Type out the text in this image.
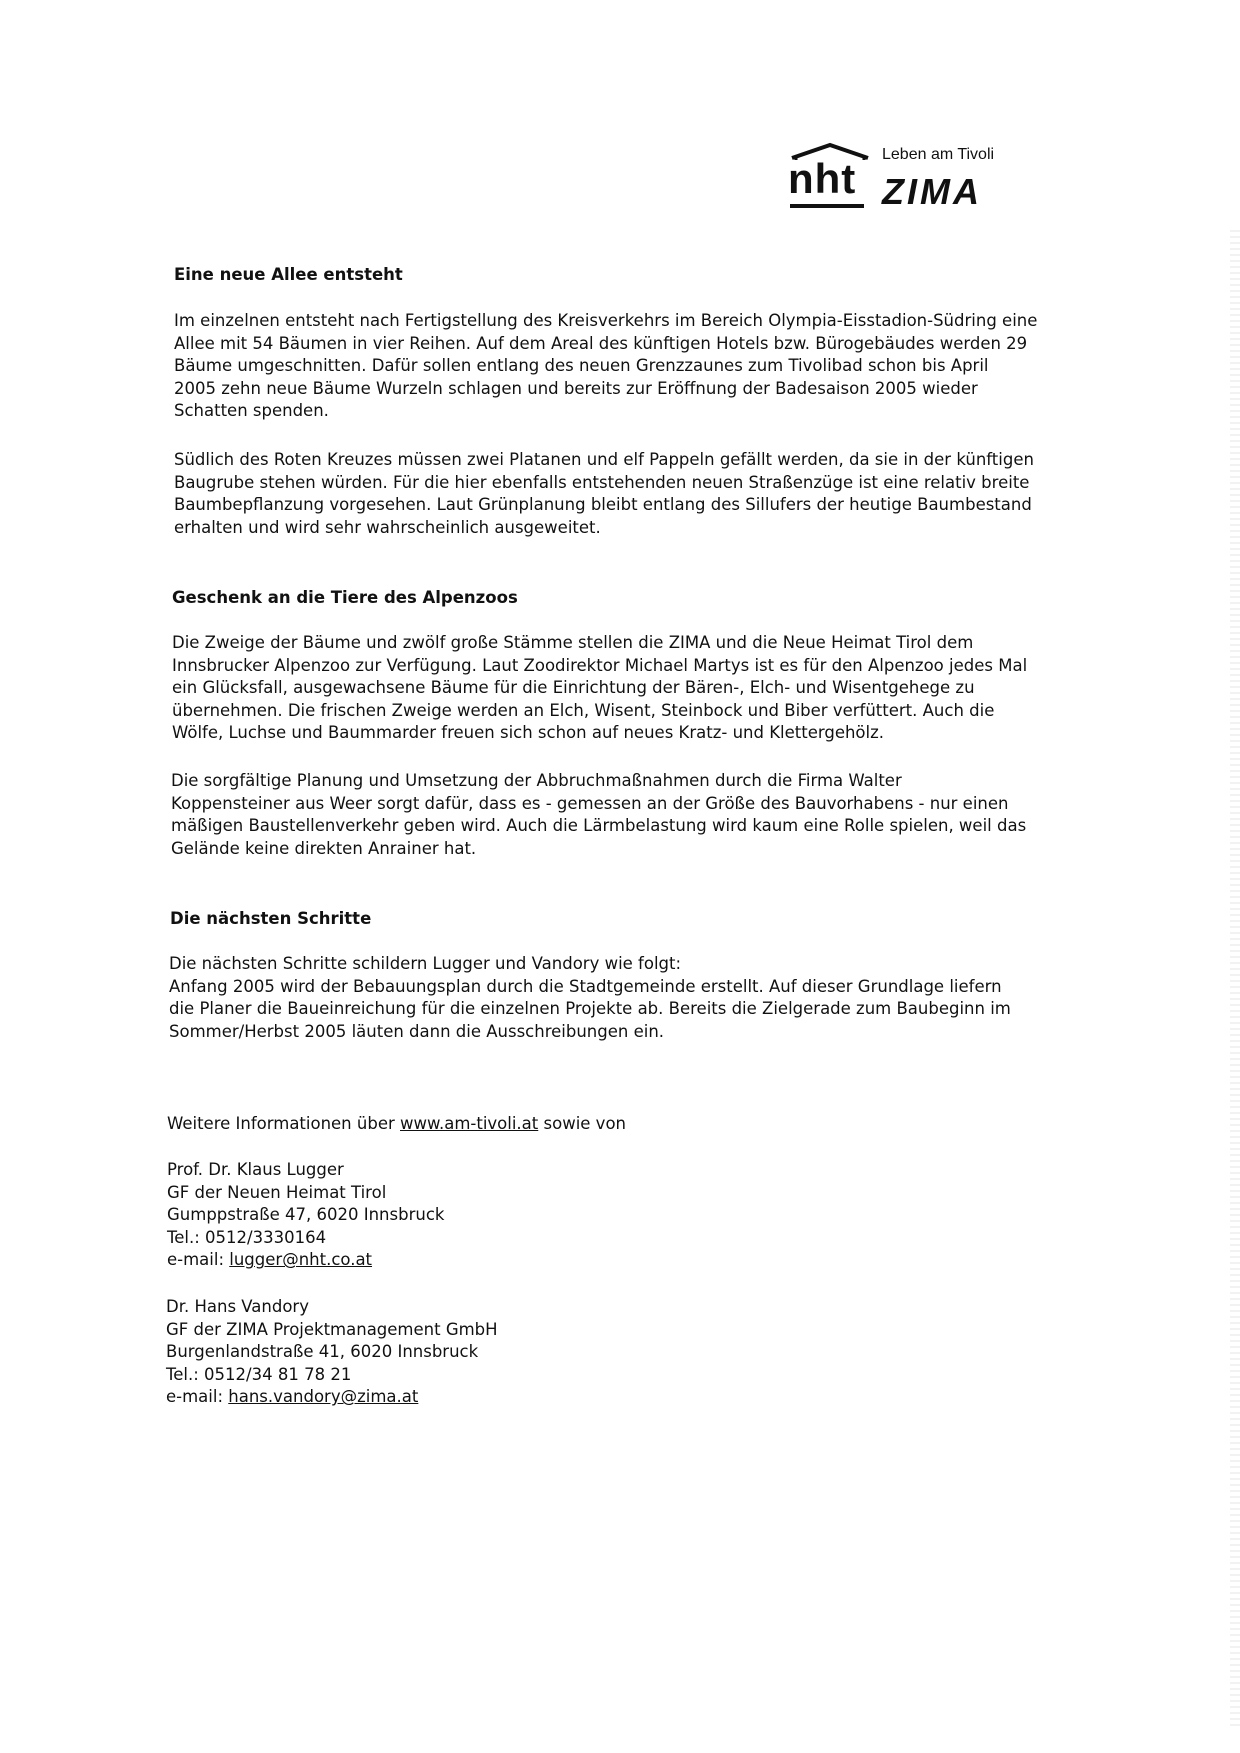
nht
Leben am Tivoli
ZIMA
Eine neue Allee entsteht
Im einzelnen entsteht nach Fertigstellung des Kreisverkehrs im Bereich Olympia-Eisstadion-Südring eine
Allee mit 54 Bäumen in vier Reihen. Auf dem Areal des künftigen Hotels bzw. Bürogebäudes werden 29
Bäume umgeschnitten. Dafür sollen entlang des neuen Grenzzaunes zum Tivolibad schon bis April
2005 zehn neue Bäume Wurzeln schlagen und bereits zur Eröffnung der Badesaison 2005 wieder
Schatten spenden.
Südlich des Roten Kreuzes müssen zwei Platanen und elf Pappeln gefällt werden, da sie in der künftigen
Baugrube stehen würden. Für die hier ebenfalls entstehenden neuen Straßenzüge ist eine relativ breite
Baumbepflanzung vorgesehen. Laut Grünplanung bleibt entlang des Sillufers der heutige Baumbestand
erhalten und wird sehr wahrscheinlich ausgeweitet.
Geschenk an die Tiere des Alpenzoos
Die Zweige der Bäume und zwölf große Stämme stellen die ZIMA und die Neue Heimat Tirol dem
Innsbrucker Alpenzoo zur Verfügung. Laut Zoodirektor Michael Martys ist es für den Alpenzoo jedes Mal
ein Glücksfall, ausgewachsene Bäume für die Einrichtung der Bären-, Elch- und Wisentgehege zu
übernehmen. Die frischen Zweige werden an Elch, Wisent, Steinbock und Biber verfüttert. Auch die
Wölfe, Luchse und Baummarder freuen sich schon auf neues Kratz- und Klettergehölz.
Die sorgfältige Planung und Umsetzung der Abbruchmaßnahmen durch die Firma Walter
Koppensteiner aus Weer sorgt dafür, dass es - gemessen an der Größe des Bauvorhabens - nur einen
mäßigen Baustellenverkehr geben wird. Auch die Lärmbelastung wird kaum eine Rolle spielen, weil das
Gelände keine direkten Anrainer hat.
Die nächsten Schritte
Die nächsten Schritte schildern Lugger und Vandory wie folgt:
Anfang 2005 wird der Bebauungsplan durch die Stadtgemeinde erstellt. Auf dieser Grundlage liefern
die Planer die Baueinreichung für die einzelnen Projekte ab. Bereits die Zielgerade zum Baubeginn im
Sommer/Herbst 2005 läuten dann die Ausschreibungen ein.
Weitere Informationen über www.am-tivoli.at sowie von
Prof. Dr. Klaus Lugger
GF der Neuen Heimat Tirol
Gumppstraße 47, 6020 Innsbruck
Tel.: 0512/3330164
e-mail: lugger@nht.co.at
Dr. Hans Vandory
GF der ZIMA Projektmanagement GmbH
Burgenlandstraße 41, 6020 Innsbruck
Tel.: 0512/34 81 78 21
e-mail: hans.vandory@zima.at
